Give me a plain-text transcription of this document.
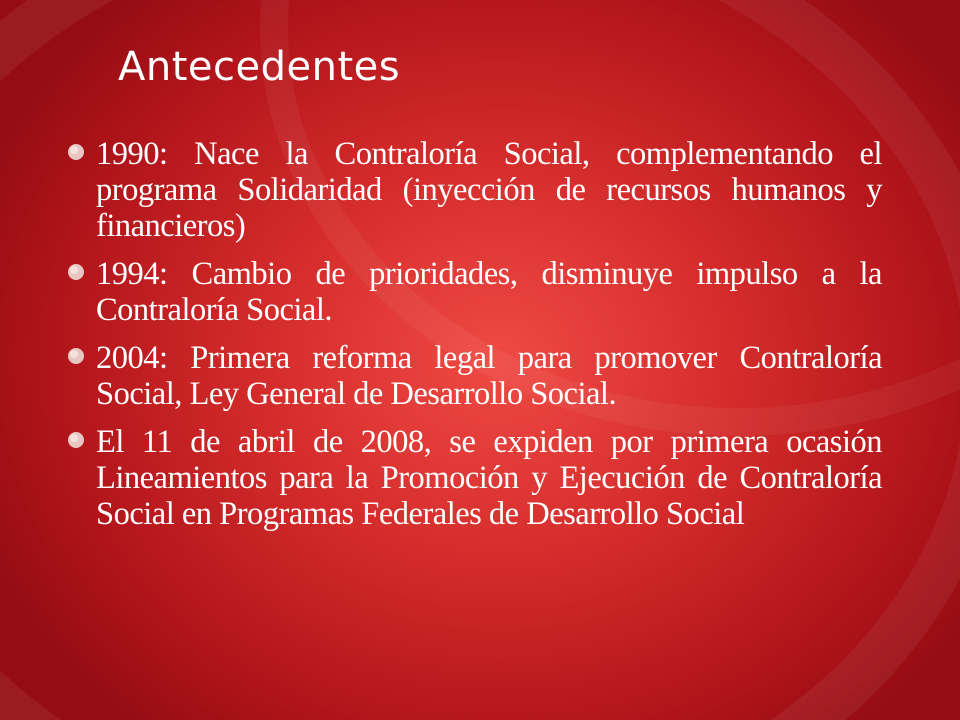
Antecedentes
1990: Nace la Contraloría Social, complementando el programa Solidaridad (inyección de recursos humanos y financieros)
1994: Cambio de prioridades, disminuye impulso a la Contraloría Social.
2004: Primera reforma legal para promover Contraloría Social, Ley General de Desarrollo Social.
El 11 de abril de 2008, se expiden por primera ocasión Lineamientos para la Promoción y Ejecución de Contraloría Social en Programas Federales de Desarrollo Social
